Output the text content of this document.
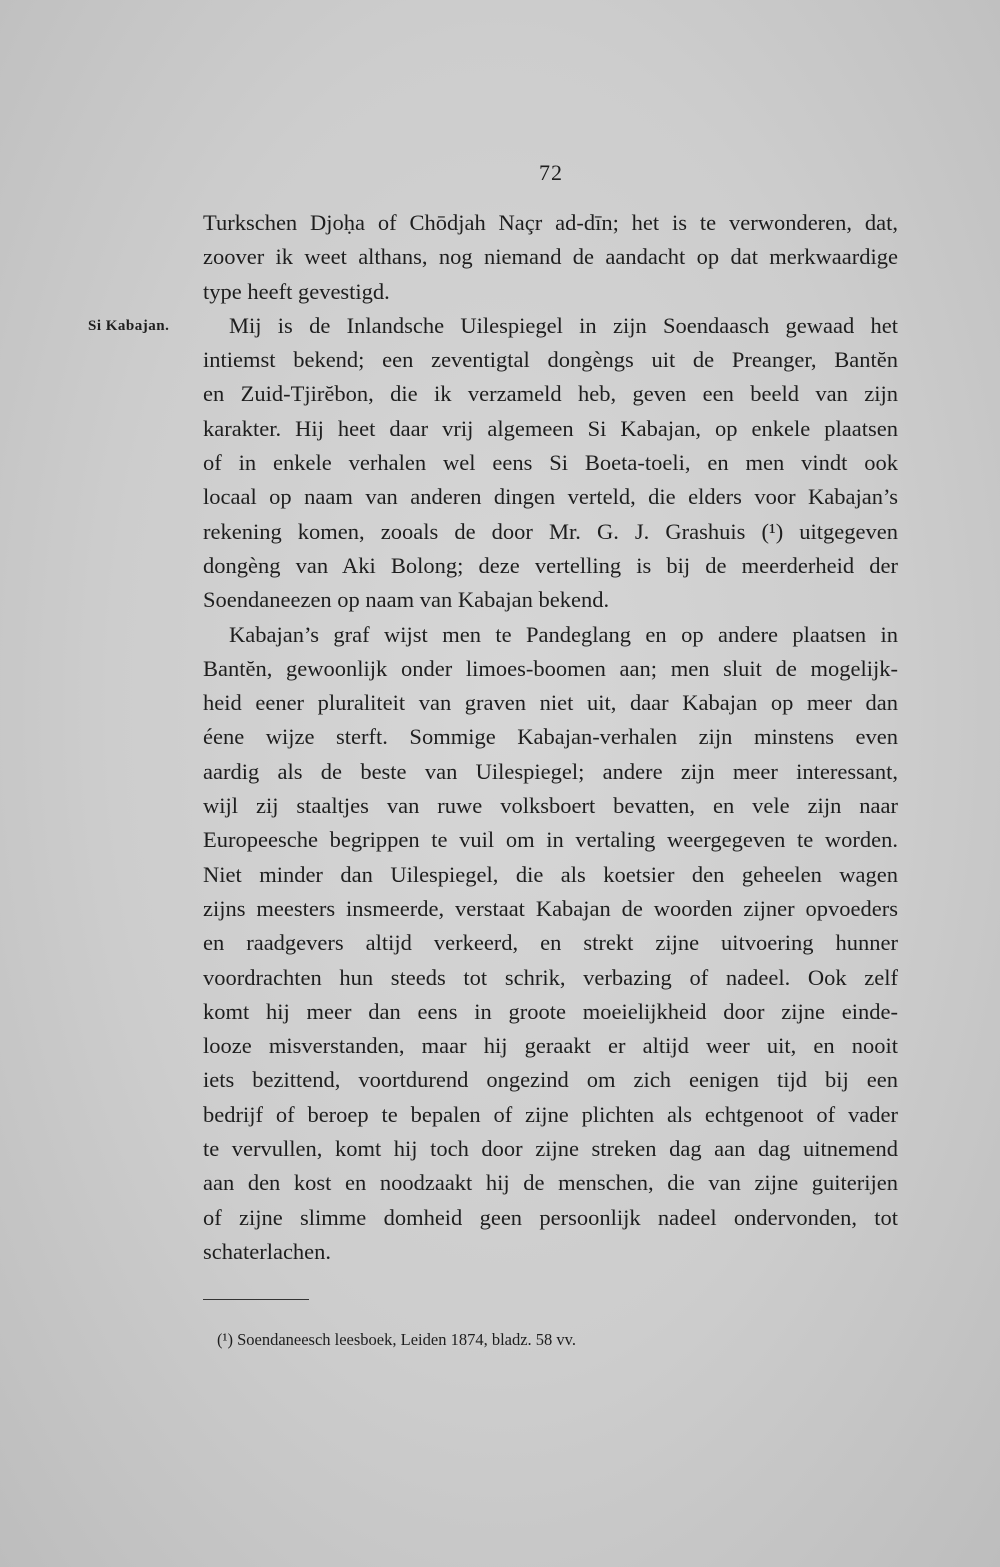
72
Si Kabajan.
Turkschen Djoḥa of Chōdjah Naçr ad-dīn; het is te verwonderen, dat,
zoover ik weet althans, nog niemand de aandacht op dat merkwaardige
type heeft gevestigd.
Mij is de Inlandsche Uilespiegel in zijn Soendaasch gewaad het
intiemst bekend; een zeventigtal dongèngs uit de Preanger, Bantĕn
en Zuid-Tjirĕbon, die ik verzameld heb, geven een beeld van zijn
karakter. Hij heet daar vrij algemeen Si Kabajan, op enkele plaatsen
of in enkele verhalen wel eens Si Boeta-toeli, en men vindt ook
locaal op naam van anderen dingen verteld, die elders voor Kabajan’s
rekening komen, zooals de door Mr. G. J. Grashuis (¹) uitgegeven
dongèng van Aki Bolong; deze vertelling is bij de meerderheid der
Soendaneezen op naam van Kabajan bekend.
Kabajan’s graf wijst men te Pandeglang en op andere plaatsen in
Bantĕn, gewoonlijk onder limoes-boomen aan; men sluit de mogelijk-
heid eener pluraliteit van graven niet uit, daar Kabajan op meer dan
éene wijze sterft. Sommige Kabajan-verhalen zijn minstens even
aardig als de beste van Uilespiegel; andere zijn meer interessant,
wijl zij staaltjes van ruwe volksboert bevatten, en vele zijn naar
Europeesche begrippen te vuil om in vertaling weergegeven te worden.
Niet minder dan Uilespiegel, die als koetsier den geheelen wagen
zijns meesters insmeerde, verstaat Kabajan de woorden zijner opvoeders
en raadgevers altijd verkeerd, en strekt zijne uitvoering hunner
voordrachten hun steeds tot schrik, verbazing of nadeel. Ook zelf
komt hij meer dan eens in groote moeielijkheid door zijne einde-
looze misverstanden, maar hij geraakt er altijd weer uit, en nooit
iets bezittend, voortdurend ongezind om zich eenigen tijd bij een
bedrijf of beroep te bepalen of zijne plichten als echtgenoot of vader
te vervullen, komt hij toch door zijne streken dag aan dag uitnemend
aan den kost en noodzaakt hij de menschen, die van zijne guiterijen
of zijne slimme domheid geen persoonlijk nadeel ondervonden, tot
schaterlachen.
(¹) Soendaneesch leesboek, Leiden 1874, bladz. 58 vv.
